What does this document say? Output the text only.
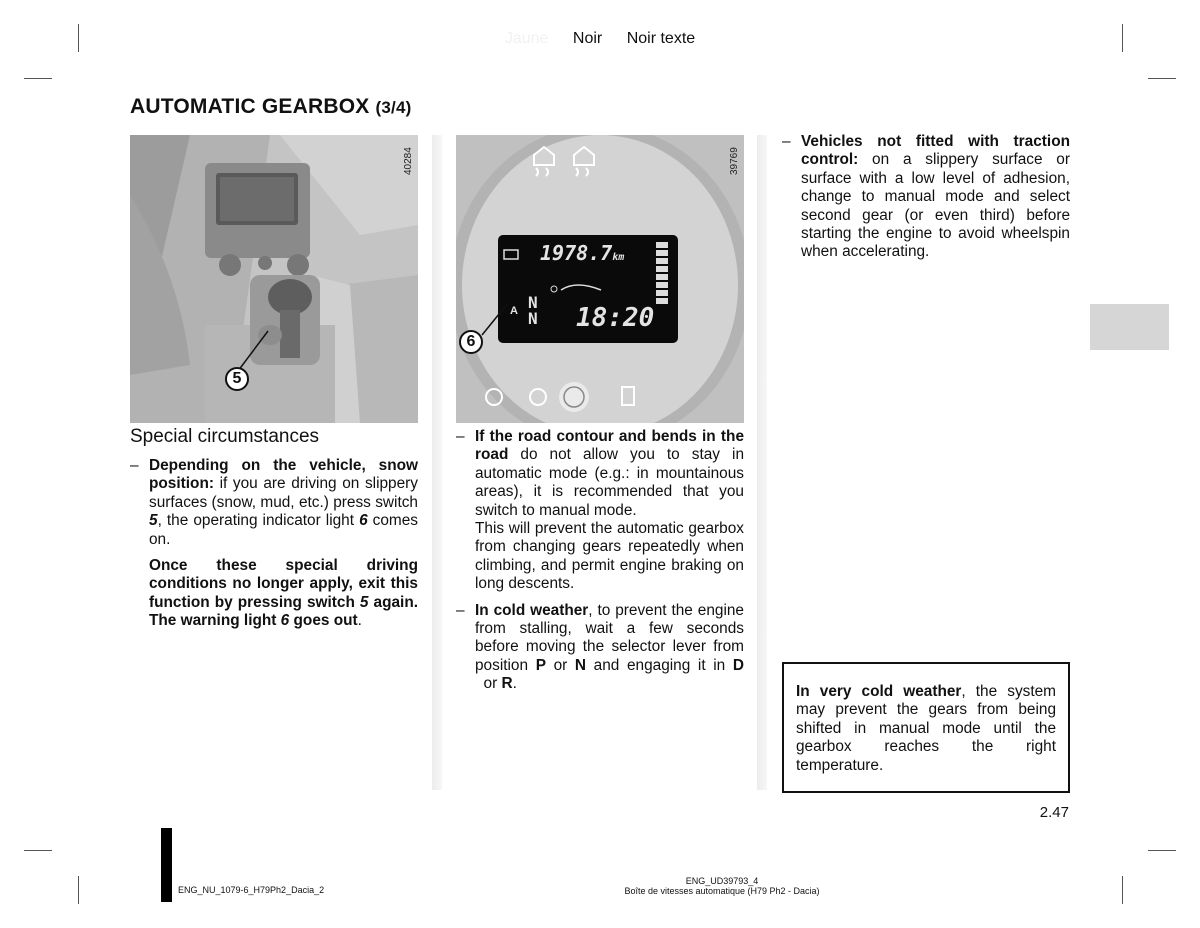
Jaune Noir Noir texte
AUTOMATIC GEARBOX (3/4)
5
40284
1978.7km
N
N
A 18:20
6
39769
Special circumstances
– Depending on the vehicle, snow position: if you are driving on slippery surfaces (snow, mud, etc.) press switch 5, the operating indicator light 6 comes on.
Once these special driving conditions no longer apply, exit this function by pressing switch 5 again. The warning light 6 goes out.
– If the road contour and bends in the road do not allow you to stay in automatic mode (e.g.: in mountainous areas), it is recommended that you switch to manual mode.
This will prevent the automatic gearbox from changing gears repeatedly when climbing, and permit engine braking on long descents.
– In cold weather, to prevent the engine from stalling, wait a few seconds before moving the selector lever from position P or N and engaging it in D  or R.
– Vehicles not fitted with traction control: on a slippery surface or surface with a low level of adhesion, change to manual mode and select second gear (or even third) before starting the engine to avoid wheelspin when accelerating.
In very cold weather, the system may prevent the gears from being shifted in manual mode until the gearbox reaches the right temperature.
2.47
ENG_NU_1079-6_H79Ph2_Dacia_2
ENG_UD39793_4
Boîte de vitesses automatique (H79 Ph2 - Dacia)
